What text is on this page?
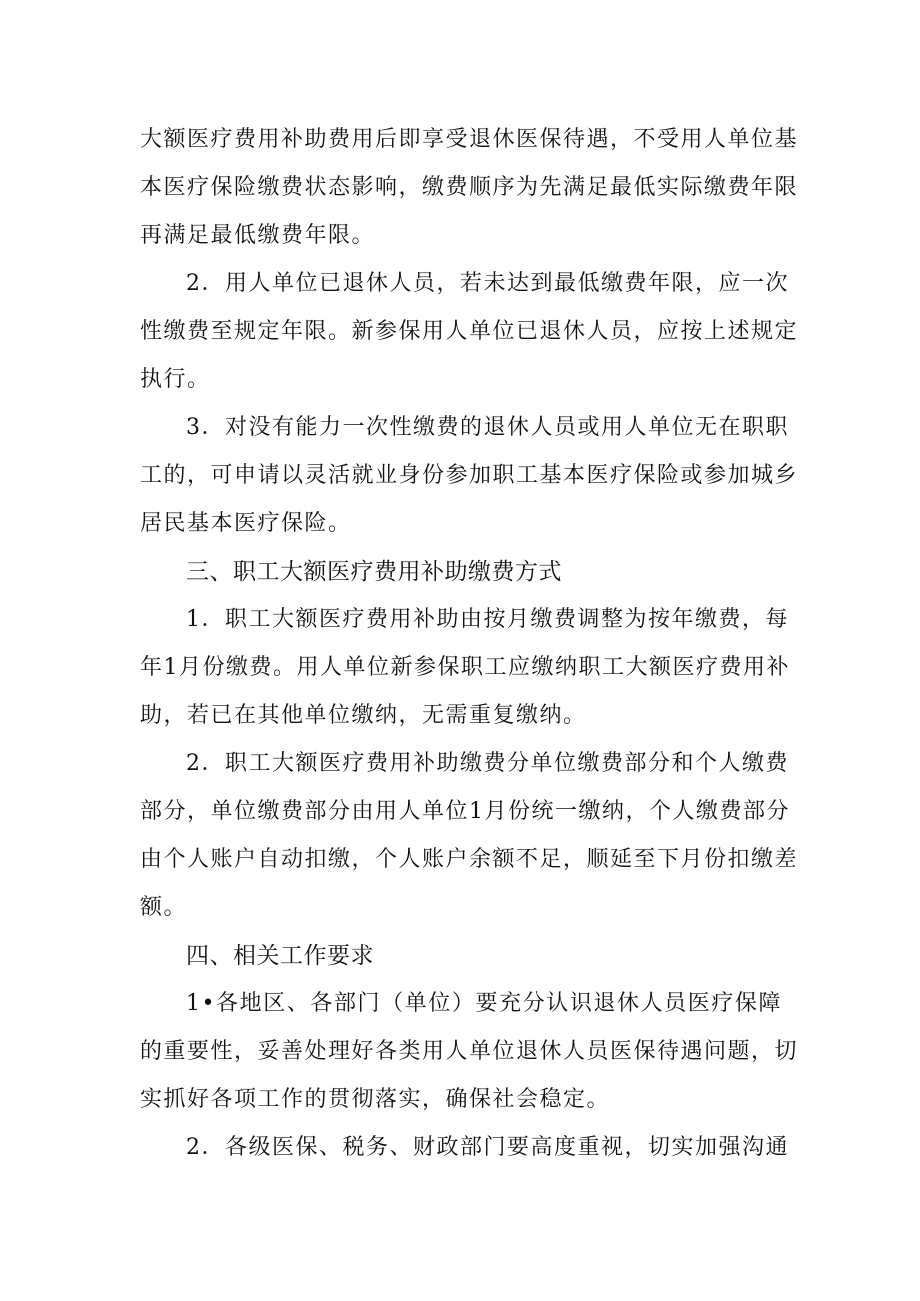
大额医疗费用补助费用后即享受退休医保待遇，不受用人单位基
本医疗保险缴费状态影响，缴费顺序为先满足最低实际缴费年限
再满足最低缴费年限。
2．用人单位已退休人员，若未达到最低缴费年限，应一次
性缴费至规定年限。新参保用人单位已退休人员，应按上述规定
执行。
3．对没有能力一次性缴费的退休人员或用人单位无在职职
工的，可申请以灵活就业身份参加职工基本医疗保险或参加城乡
居民基本医疗保险。
三、职工大额医疗费用补助缴费方式
1．职工大额医疗费用补助由按月缴费调整为按年缴费，每
年1月份缴费。用人单位新参保职工应缴纳职工大额医疗费用补
助，若已在其他单位缴纳，无需重复缴纳。
2．职工大额医疗费用补助缴费分单位缴费部分和个人缴费
部分，单位缴费部分由用人单位1月份统一缴纳，个人缴费部分
由个人账户自动扣缴，个人账户余额不足，顺延至下月份扣缴差
额。
四、相关工作要求
1•各地区、各部门（单位）要充分认识退休人员医疗保障
的重要性，妥善处理好各类用人单位退休人员医保待遇问题，切
实抓好各项工作的贯彻落实，确保社会稳定。
2．各级医保、税务、财政部门要高度重视，切实加强沟通
